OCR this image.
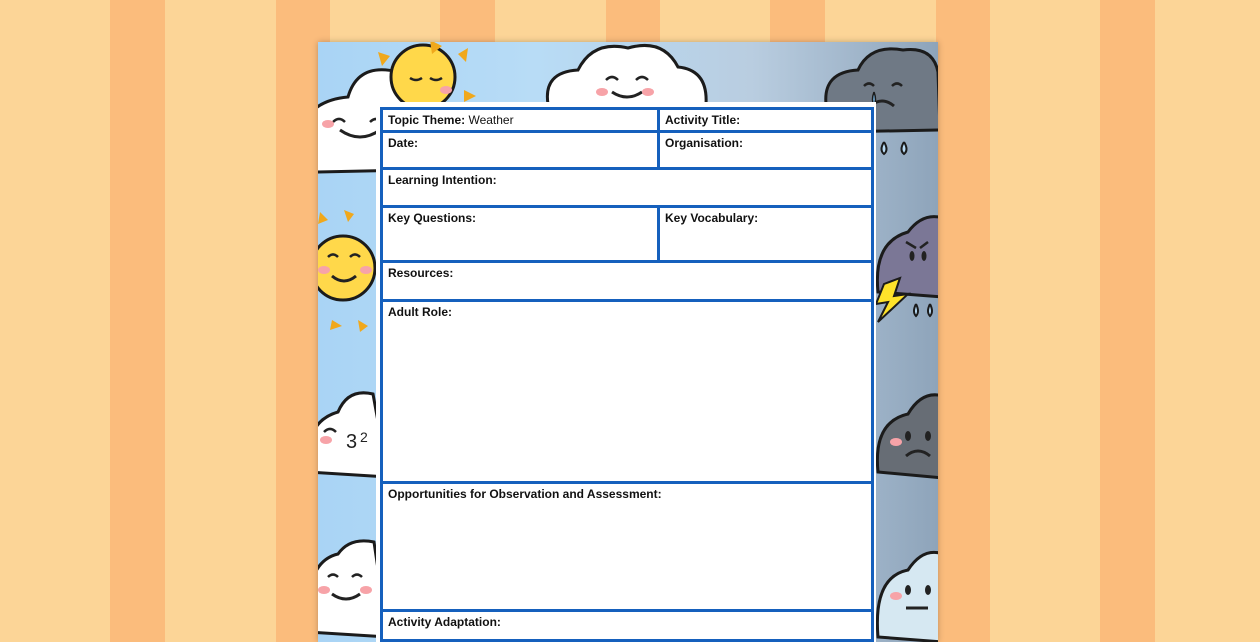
3 2
Topic Theme: Weather	Activity Title:
Date:	Organisation:
Learning Intention:
Key Questions:	Key Vocabulary:
Resources:
Adult Role:
Opportunities for Observation and Assessment:
Activity Adaptation:
